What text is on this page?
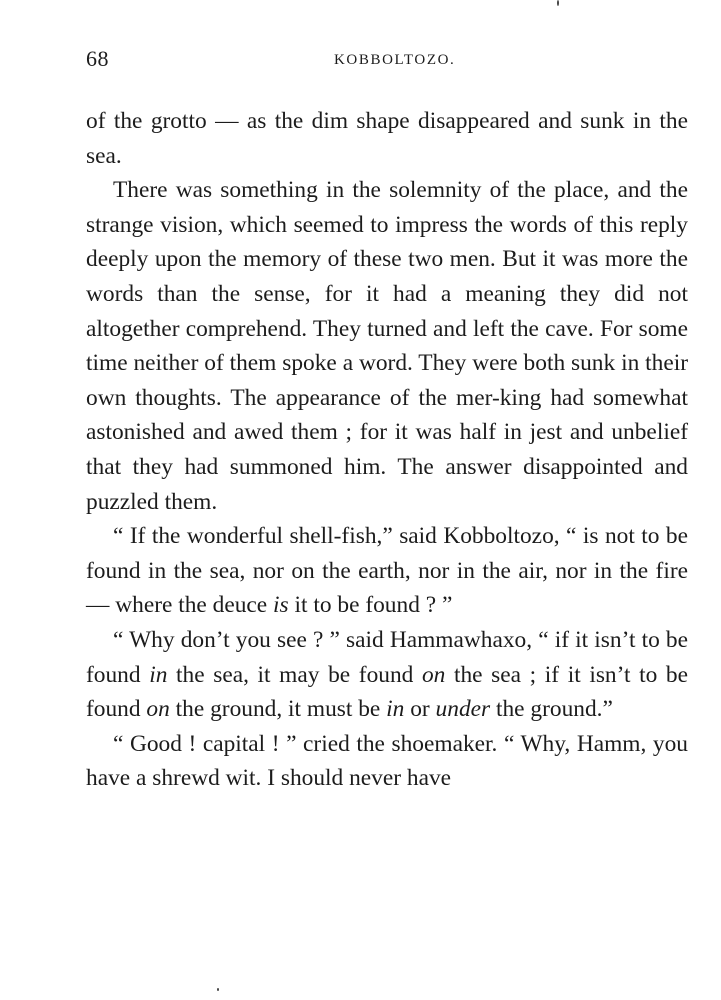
68	KOBBOLTOZO.

of the grotto — as the dim shape disappeared and sunk in the sea.

There was something in the solemnity of the place, and the strange vision, which seemed to impress the words of this reply deeply upon the memory of these two men. But it was more the words than the sense, for it had a meaning they did not altogether comprehend. They turned and left the cave. For some time neither of them spoke a word. They were both sunk in their own thoughts. The appearance of the mer-king had somewhat astonished and awed them ; for it was half in jest and unbelief that they had summoned him. The answer disappointed and puzzled them.

“ If the wonderful shell-fish,” said Kobboltozo, “ is not to be found in the sea, nor on the earth, nor in the air, nor in the fire — where the deuce is it to be found ? ”

“ Why don’t you see ? ” said Hammawhaxo, “ if it isn’t to be found in the sea, it may be found on the sea ; if it isn’t to be found on the ground, it must be in or under the ground.”

“ Good ! capital ! ” cried the shoemaker. “ Why, Hamm, you have a shrewd wit. I should never have
